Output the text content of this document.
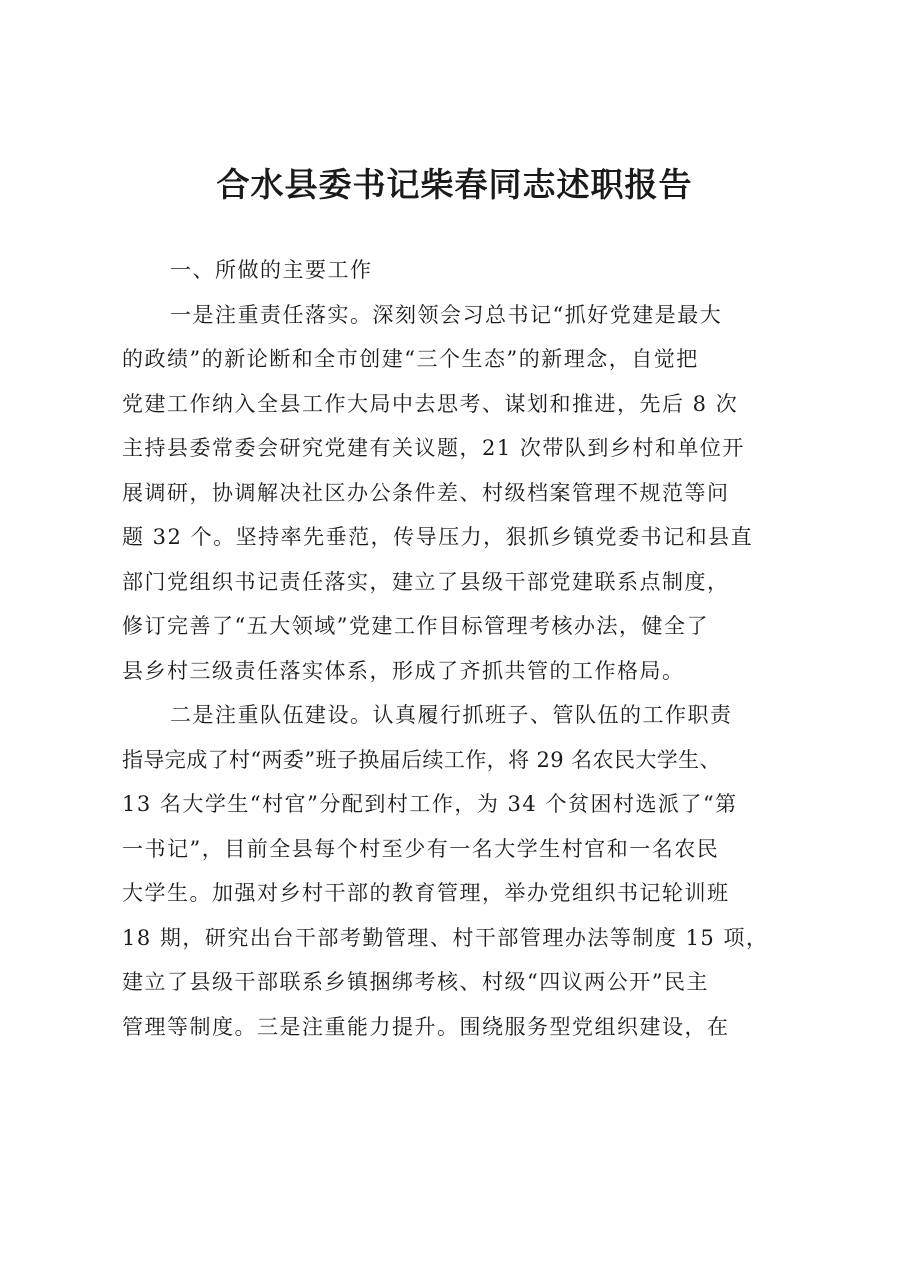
合水县委书记柴春同志述职报告
一、所做的主要工作
一是注重责任落实。深刻领会习总书记“抓好党建是最大
的政绩”的新论断和全市创建“三个生态”的新理念，自觉把
党建工作纳入全县工作大局中去思考、谋划和推进，先后 8 次
主持县委常委会研究党建有关议题，21 次带队到乡村和单位开
展调研，协调解决社区办公条件差、村级档案管理不规范等问
题 32 个。坚持率先垂范，传导压力，狠抓乡镇党委书记和县直
部门党组织书记责任落实，建立了县级干部党建联系点制度，
修订完善了“五大领域”党建工作目标管理考核办法，健全了
县乡村三级责任落实体系，形成了齐抓共管的工作格局。
二是注重队伍建设。认真履行抓班子、管队伍的工作职责
指导完成了村“两委”班子换届后续工作，将 29 名农民大学生、
13 名大学生“村官”分配到村工作，为 34 个贫困村选派了“第
一书记”，目前全县每个村至少有一名大学生村官和一名农民
大学生。加强对乡村干部的教育管理，举办党组织书记轮训班
18 期，研究出台干部考勤管理、村干部管理办法等制度 15 项，
建立了县级干部联系乡镇捆绑考核、村级“四议两公开”民主
管理等制度。三是注重能力提升。围绕服务型党组织建设，在
